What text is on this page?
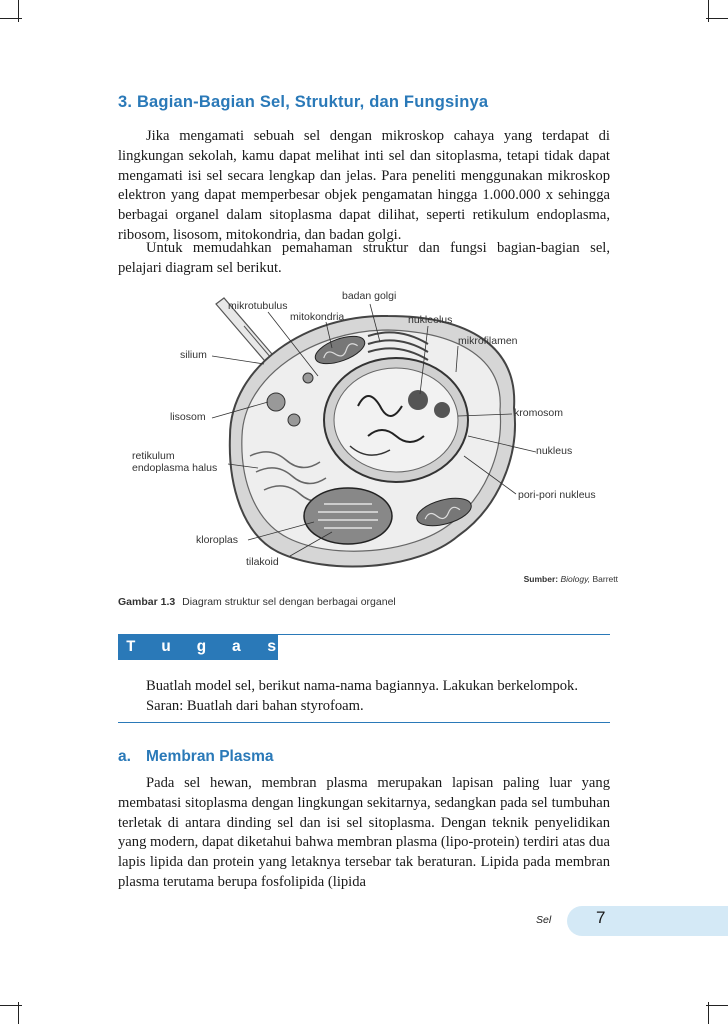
3. Bagian-Bagian Sel, Struktur, dan Fungsinya

Jika mengamati sebuah sel dengan mikroskop cahaya yang terdapat di lingkungan sekolah, kamu dapat melihat inti sel dan sitoplasma, tetapi tidak dapat mengamati isi sel secara lengkap dan jelas. Para peneliti menggunakan mikroskop elektron yang dapat memperbesar objek pengamatan hingga 1.000.000 x sehingga berbagai organel dalam sitoplasma dapat dilihat, seperti retikulum endoplasma, ribosom, lisosom, mitokondria, dan badan golgi.

Untuk memudahkan pemahaman struktur dan fungsi bagian-bagian sel, pelajari diagram sel berikut.

badan golgi
mikrotubulus
mitokondria	nukleolus
mikrofilamen
silium
lisosom	kromosom
nukleus
retikulum
endoplasma halus
pori-pori nukleus
kloroplas
tilakoid
Sumber: Biology, Barrett
Gambar 1.3 Diagram struktur sel dengan berbagai organel
T u g a s 1.1
Buatlah model sel, berikut nama-nama bagiannya. Lakukan berkelompok.
Saran: Buatlah dari bahan styrofoam.
a. Membran Plasma

Pada sel hewan, membran plasma merupakan lapisan paling luar yang membatasi sitoplasma dengan lingkungan sekitarnya, sedangkan pada sel tumbuhan terletak di antara dinding sel dan isi sel sitoplasma. Dengan teknik penyelidikan yang modern, dapat diketahui bahwa membran plasma (lipo-protein) terdiri atas dua lapis lipida dan protein yang letaknya tersebar tak beraturan. Lipida pada membran plasma terutama berupa fosfolipida (lipida

Sel	7
